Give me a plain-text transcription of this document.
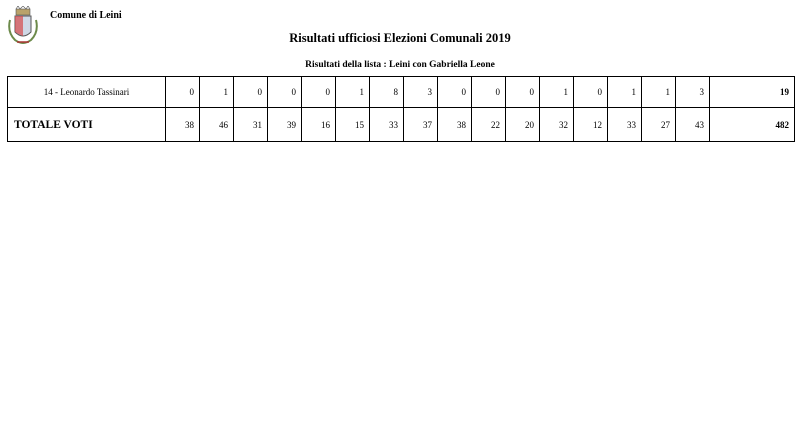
Comune di Leini
Risultati ufficiosi Elezioni Comunali 2019
Risultati della lista : Leini con Gabriella Leone
14 - Leonardo Tassinari	0	1	0	0	0	1	8	3	0	0	0	1	0	1	1	3	19
TOTALE VOTI	38	46	31	39	16	15	33	37	38	22	20	32	12	33	27	43	482
